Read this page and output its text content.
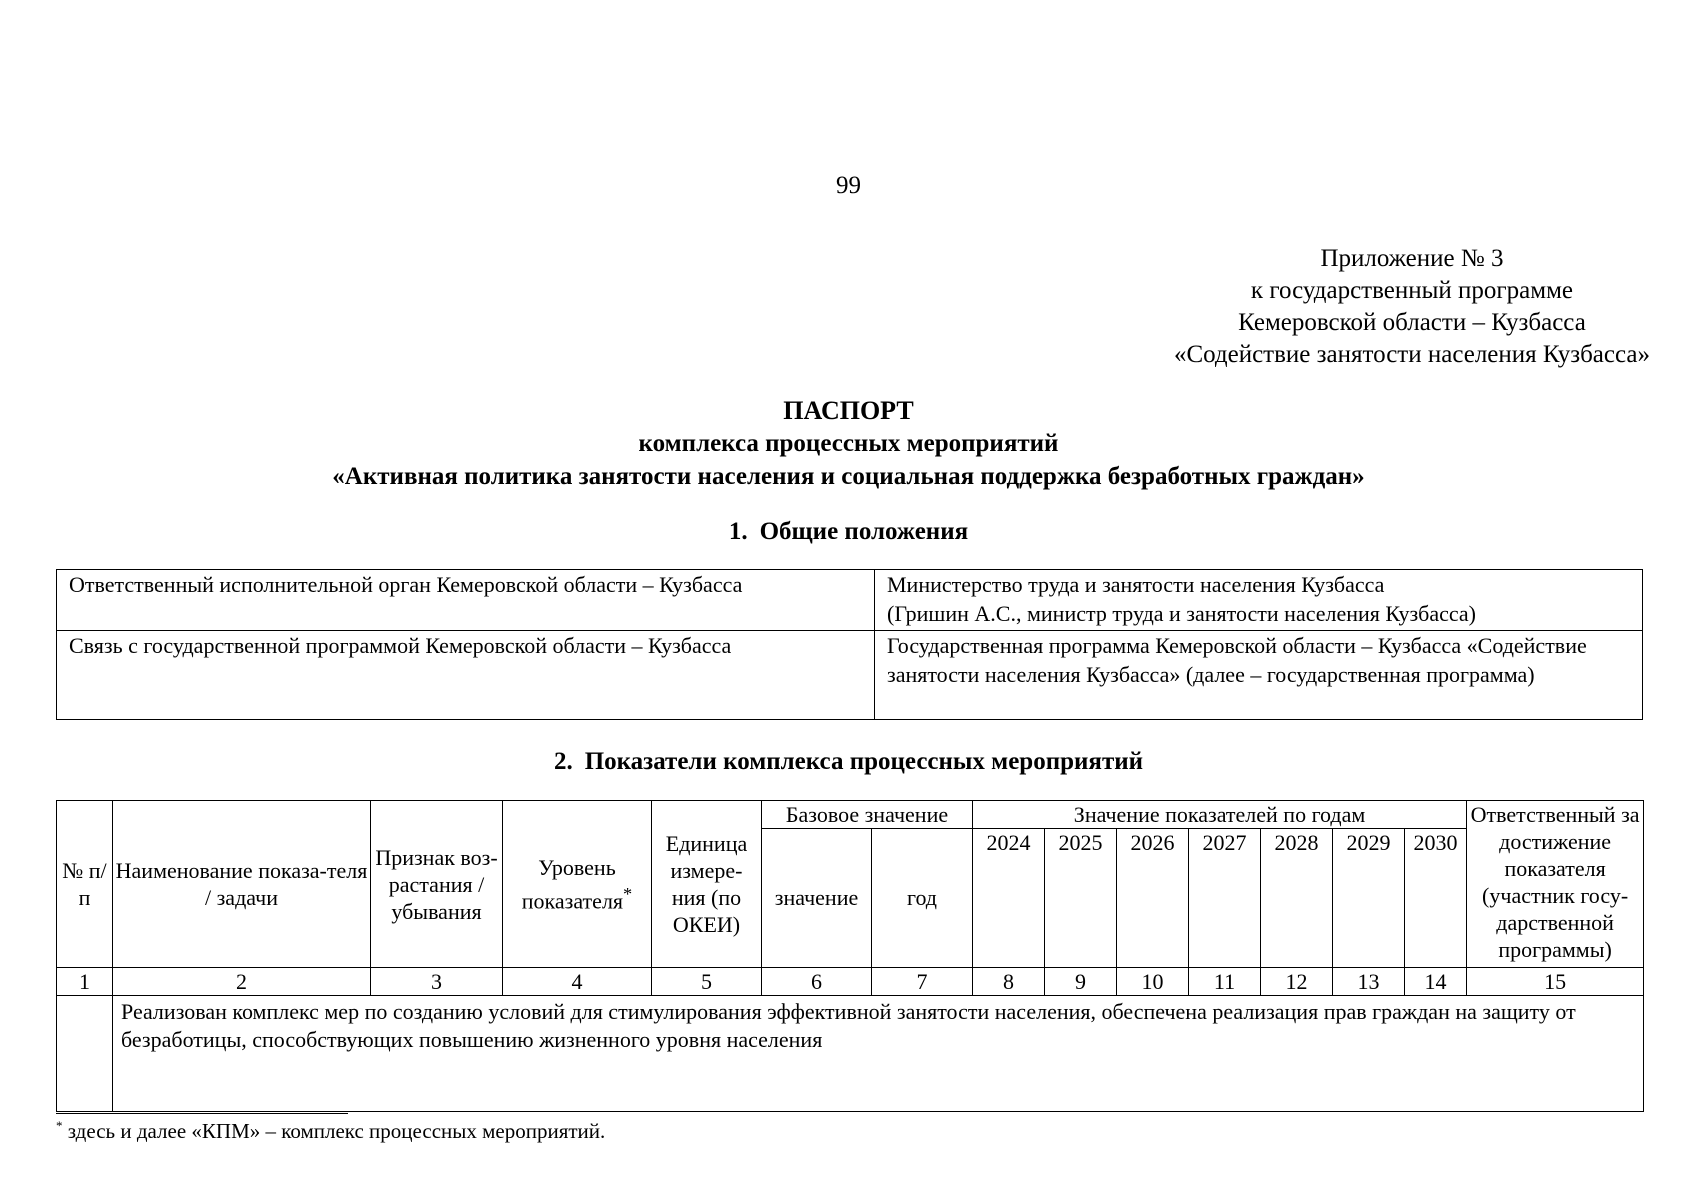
99
Приложение № 3
к государственный программе
Кемеровской области – Кузбасса
«Содействие занятости населения Кузбасса»
ПАСПОРТ
комплекса процессных мероприятий
«Активная политика занятости населения и социальная поддержка безработных граждан»
1. Общие положения
Ответственный исполнительной орган Кемеровской области – Кузбасса	Министерство труда и занятости населения Кузбасса
(Гришин А.С., министр труда и занятости населения Кузбасса)

Связь с государственной программой Кемеровской области – Кузбасса	Государственная программа Кемеровской области – Кузбасса «Содействие занятости населения Кузбасса» (далее – государственная программа)
2. Показатели комплекса процессных мероприятий
№ п/п	Наименование показа-теля / задачи	Признак воз-растания / убывания	Уровень показателя*	Единица измере-ния (по ОКЕИ)	Базовое значение		Значение показателей по годам							Ответственный за достижение показателя (участник госу-дарственной программы)
					значение	год	2024	2025	2026	2027	2028	2029	2030	
1	2	3	4	5	6	7	8	9	10	11	12	13	14	15
	Реализован комплекс мер по созданию условий для стимулирования эффективной занятости населения, обеспечена реализация прав граждан на защиту от безработицы, способствующих повышению жизненного уровня населения													
* здесь и далее «КПМ» – комплекс процессных мероприятий.
